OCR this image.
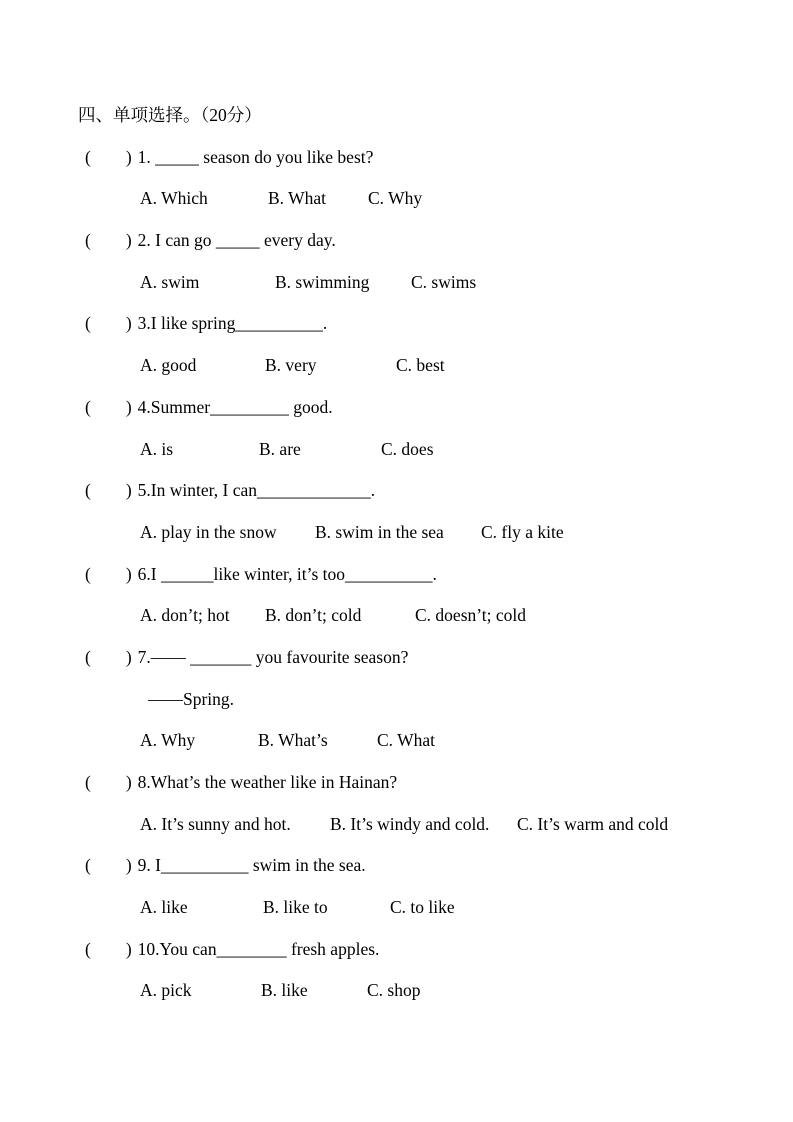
四、单项选择。（20分）
(        ) 1. _____ season do you like best?
A. Which	B. What C. Why
(        ) 2. I can go _____ every day.
A. swim	B. swimming C. swims
(        ) 3.I like spring__________.
A. good	B. very	C. best
(        ) 4.Summer_________ good.
A. is	B. are	C. does
(        ) 5.In winter, I can_____________.
A. play in the snow B. swim in the sea C. fly a kite
(        ) 6.I ______like winter, it’s too__________.
A. don’t; hot B. don’t; cold	C. doesn’t; cold
(        ) 7.—— _______ you favourite season?
——Spring.
A. Why	B. What’s	C. What
(        ) 8.What’s the weather like in Hainan?
A. It’s sunny and hot. B. It’s windy and cold. C. It’s warm and cold
(        ) 9. I__________ swim in the sea.
A. like	B. like to	C. to like
(        ) 10.You can________ fresh apples.
A. pick	B. like	C. shop
